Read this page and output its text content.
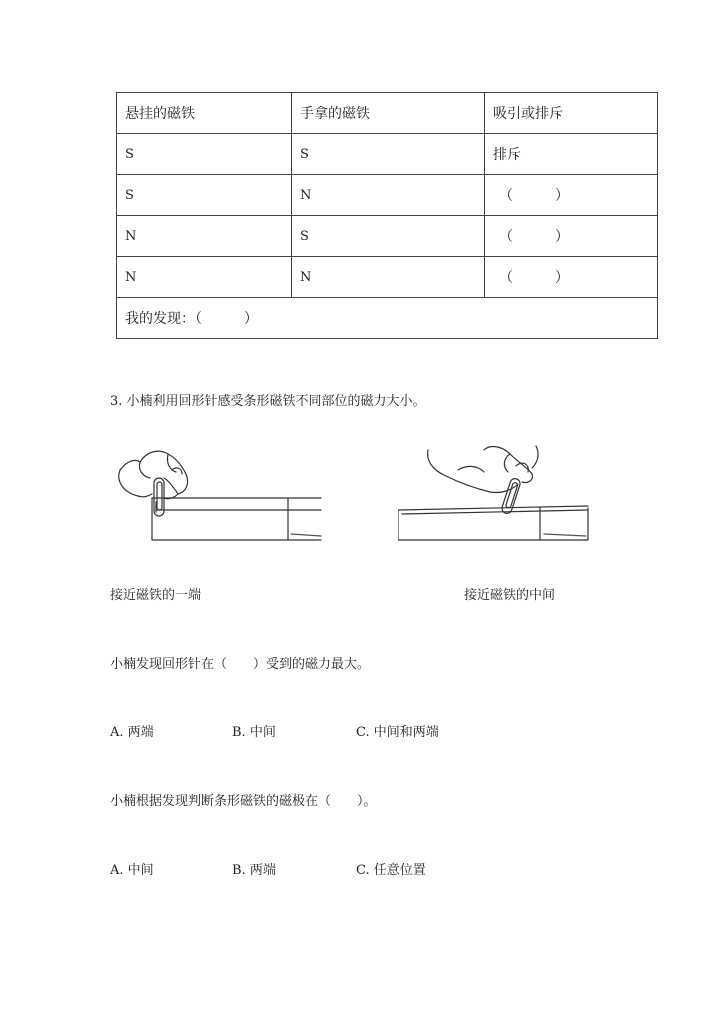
悬挂的磁铁	手拿的磁铁	吸引或排斥
S	S	排斥
S	N	（　　　）
N	S	（　　　）
N	N	（　　　）
我的发现：（　　　）		
3. 小楠利用回形针感受条形磁铁不同部位的磁力大小。
接近磁铁的一端	接近磁铁的中间
小楠发现回形针在（　　）受到的磁力最大。
A. 两端	B. 中间	C. 中间和两端
小楠根据发现判断条形磁铁的磁极在（　　）。
A. 中间	B. 两端	C. 任意位置
